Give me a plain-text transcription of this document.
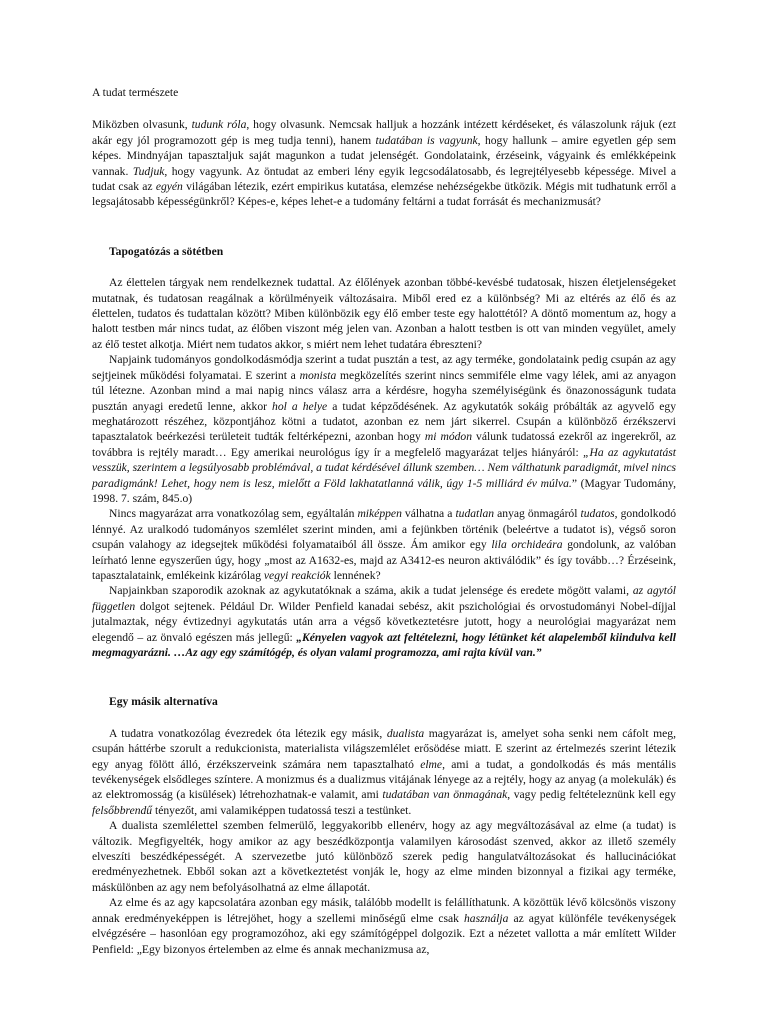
A tudat természete

Miközben olvasunk, tudunk róla, hogy olvasunk. Nemcsak halljuk a hozzánk intézett kérdéseket, és válaszolunk rájuk (ezt akár egy jól programozott gép is meg tudja tenni), hanem tudatában is vagyunk, hogy hallunk – amire egyetlen gép sem képes. Mindnyájan tapasztaljuk saját magunkon a tudat jelenségét. Gondolataink, érzéseink, vágyaink és emlékképeink vannak. Tudjuk, hogy vagyunk. Az öntudat az emberi lény egyik legcsodálatosabb, és legrejtélyesebb képessége. Mivel a tudat csak az egyén világában létezik, ezért empirikus kutatása, elemzése nehézségekbe ütközik. Mégis mit tudhatunk erről a legsajátosabb képességünkről? Képes-e, képes lehet-e a tudomány feltárni a tudat forrását és mechanizmusát?

Tapogatózás a sötétben

Az élettelen tárgyak nem rendelkeznek tudattal. Az élőlények azonban többé-kevésbé tudatosak, hiszen életjelenségeket mutatnak, és tudatosan reagálnak a körülményeik változásaira. Miből ered ez a különbség? Mi az eltérés az élő és az élettelen, tudatos és tudattalan között? Miben különbözik egy élő ember teste egy halottétól? A döntő momentum az, hogy a halott testben már nincs tudat, az élőben viszont még jelen van. Azonban a halott testben is ott van minden vegyület, amely az élő testet alkotja. Miért nem tudatos akkor, s miért nem lehet tudatára ébreszteni?

Napjaink tudományos gondolkodásmódja szerint a tudat pusztán a test, az agy terméke, gondolataink pedig csupán az agy sejtjeinek működési folyamatai. E szerint a monista megközelítés szerint nincs semmiféle elme vagy lélek, ami az anyagon túl létezne. Azonban mind a mai napig nincs válasz arra a kérdésre, hogyha személyiségünk és önazonosságunk tudata pusztán anyagi eredetű lenne, akkor hol a helye a tudat képződésének. Az agykutatók sokáig próbálták az agyvelő egy meghatározott részéhez, központjához kötni a tudatot, azonban ez nem járt sikerrel. Csupán a különböző érzékszervi tapasztalatok beérkezési területeit tudták feltérképezni, azonban hogy mi módon válunk tudatossá ezekről az ingerekről, az továbbra is rejtély maradt… Egy amerikai neurológus így ír a megfelelő magyarázat teljes hiányáról: „Ha az agykutatást vesszük, szerintem a legsúlyosabb problémával, a tudat kérdésével állunk szemben… Nem válthatunk paradigmát, mivel nincs paradigmánk! Lehet, hogy nem is lesz, mielőtt a Föld lakhatatlanná válik, úgy 1-5 milliárd év múlva.” (Magyar Tudomány, 1998. 7. szám, 845.o)

Nincs magyarázat arra vonatkozólag sem, egyáltalán miképpen válhatna a tudatlan anyag önmagáról tudatos, gondolkodó lénnyé. Az uralkodó tudományos szemlélet szerint minden, ami a fejünkben történik (beleértve a tudatot is), végső soron csupán valahogy az idegsejtek működési folyamataiból áll össze. Ám amikor egy lila orchideára gondolunk, az valóban leírható lenne egyszerűen úgy, hogy „most az A1632-es, majd az A3412-es neuron aktiválódik” és így tovább…? Érzéseink, tapasztalataink, emlékeink kizárólag vegyi reakciók lennének?

Napjainkban szaporodik azoknak az agykutatóknak a száma, akik a tudat jelensége és eredete mögött valami, az agytól független dolgot sejtenek. Például Dr. Wilder Penfield kanadai sebész, akit pszichológiai és orvostudományi Nobel-díjjal jutalmaztak, négy évtizednyi agykutatás után arra a végső következtetésre jutott, hogy a neurológiai magyarázat nem elegendő – az önvaló egészen más jellegű: „Kényelen vagyok azt feltételezni, hogy létünket két alapelemből kiindulva kell megmagyarázni. …Az agy egy számítógép, és olyan valami programozza, ami rajta kívül van.”

Egy másik alternatíva

A tudatra vonatkozólag évezredek óta létezik egy másik, dualista magyarázat is, amelyet soha senki nem cáfolt meg, csupán háttérbe szorult a redukcionista, materialista világszemlélet erősödése miatt. E szerint az értelmezés szerint létezik egy anyag fölött álló, érzékszerveink számára nem tapasztalható elme, ami a tudat, a gondolkodás és más mentális tevékenységek elsődleges színtere. A monizmus és a dualizmus vitájának lényege az a rejtély, hogy az anyag (a molekulák) és az elektromosság (a kisülések) létrehozhatnak-e valamit, ami tudatában van önmagának, vagy pedig feltételeznünk kell egy felsőbbrendű tényezőt, ami valamiképpen tudatossá teszi a testünket.

A dualista szemlélettel szemben felmerülő, leggyakoribb ellenérv, hogy az agy megváltozásával az elme (a tudat) is változik. Megfigyelték, hogy amikor az agy beszédközpontja valamilyen károsodást szenved, akkor az illető személy elveszíti beszédképességét. A szervezetbe jutó különböző szerek pedig hangulatváltozásokat és hallucinációkat eredményezhetnek. Ebből sokan azt a következtetést vonják le, hogy az elme minden bizonnyal a fizikai agy terméke, máskülönben az agy nem befolyásolhatná az elme állapotát.

Az elme és az agy kapcsolatára azonban egy másik, találóbb modellt is felállíthatunk. A közöttük lévő kölcsönös viszony annak eredményeképpen is létrejöhet, hogy a szellemi minőségű elme csak használja az agyat különféle tevékenységek elvégzésére – hasonlóan egy programozóhoz, aki egy számítógéppel dolgozik. Ezt a nézetet vallotta a már említett Wilder Penfield: „Egy bizonyos értelemben az elme és annak mechanizmusa az,
